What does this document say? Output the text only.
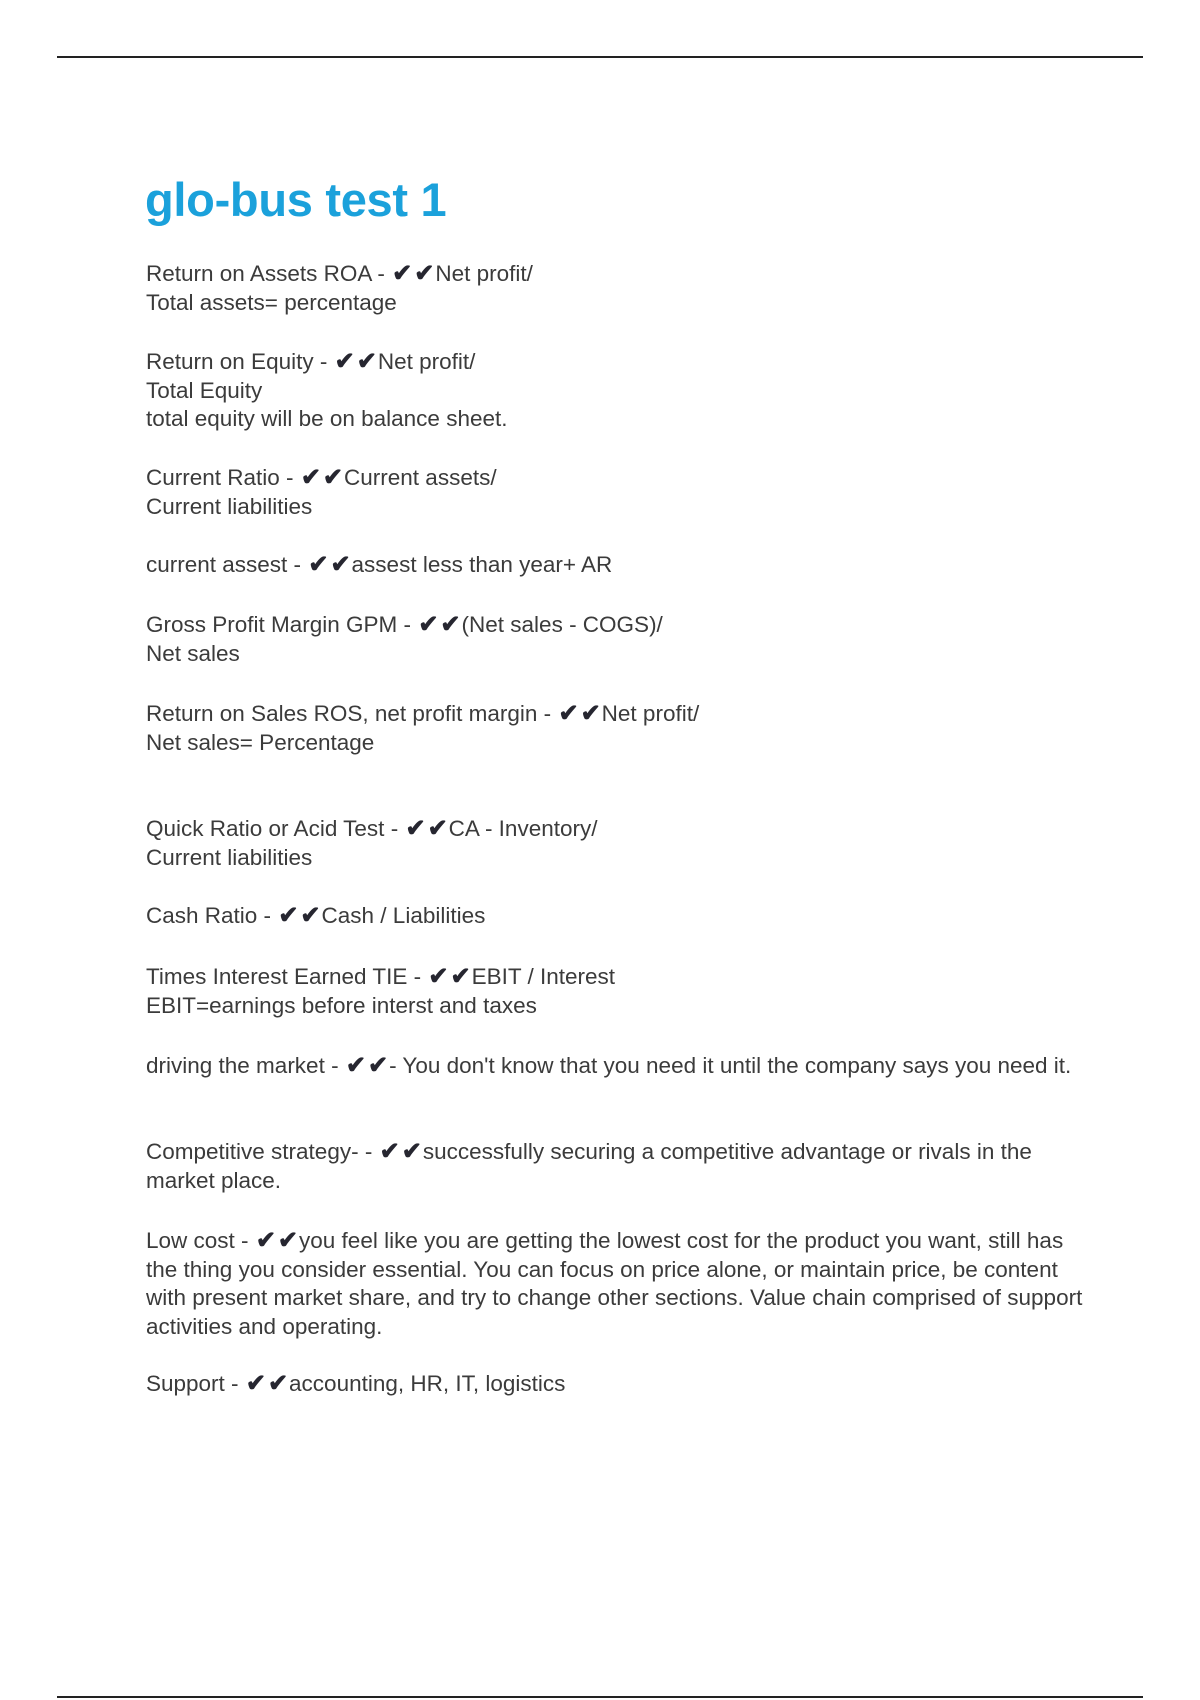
glo-bus test 1
Return on Assets ROA - ✔✔Net profit/
Total assets= percentage
Return on Equity - ✔✔Net profit/
Total Equity
total equity will be on balance sheet.
Current Ratio - ✔✔Current assets/
Current liabilities
current assest - ✔✔assest less than year+ AR
Gross Profit Margin GPM - ✔✔(Net sales - COGS)/
Net sales
Return on Sales ROS, net profit margin - ✔✔Net profit/
Net sales= Percentage
Quick Ratio or Acid Test - ✔✔CA - Inventory/
Current liabilities
Cash Ratio - ✔✔Cash / Liabilities
Times Interest Earned TIE - ✔✔EBIT / Interest
EBIT=earnings before interst and taxes
driving the market - ✔✔- You don't know that you need it until the company says you need it.
Competitive strategy- - ✔✔successfully securing a competitive advantage or rivals in the market place.
Low cost - ✔✔you feel like you are getting the lowest cost for the product you want, still has the thing you consider essential. You can focus on price alone, or maintain price, be content with present market share, and try to change other sections. Value chain comprised of support activities and operating.
Support - ✔✔accounting, HR, IT, logistics
